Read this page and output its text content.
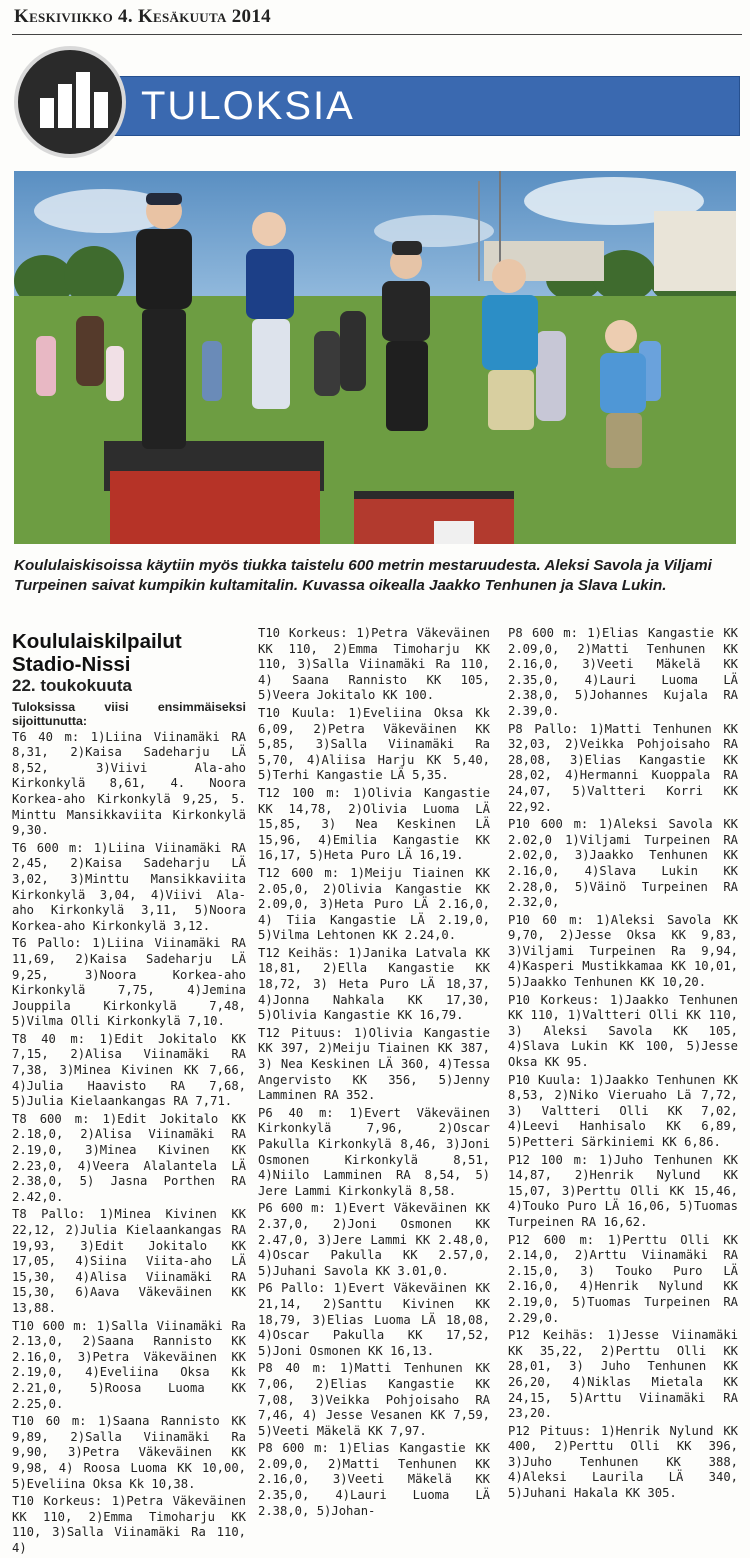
Keskiviikko 4. Kesäkuuta 2014
TULOKSIA
Koululaiskisoissa käytiin myös tiukka taistelu 600 metrin mestaruudesta. Aleksi Savola ja Viljami Turpeinen saivat kumpikin kultamitalin. Kuvassa oikealla Jaakko Tenhunen ja Slava Lukin.
Koululaiskilpailut
Stadio-Nissi
22. toukokuuta

Tuloksissa viisi ensimmäiseksi sijoittunutta:

T6 40 m: 1)Liina Viinamäki RA 8,31, 2)Kaisa Sadeharju LÄ 8,52, 3)Viivi Ala-aho Kirkonkylä 8,61, 4. Noora Korkea-aho Kirkonkylä 9,25, 5. Minttu Mansikkaviita Kirkonkylä 9,30.

T6 600 m: 1)Liina Viinamäki RA 2,45, 2)Kaisa Sadeharju LÄ 3,02, 3)Minttu Mansikkaviita Kirkonkylä 3,04, 4)Viivi Ala-aho Kirkonkylä 3,11, 5)Noora Korkea-aho Kirkonkylä 3,12.

T6 Pallo: 1)Liina Viinamäki RA 11,69, 2)Kaisa Sadeharju LÄ 9,25, 3)Noora Korkea-aho Kirkonkylä 7,75, 4)Jemina Jouppila Kirkonkylä 7,48, 5)Vilma Olli Kirkonkylä 7,10.

T8 40 m: 1)Edit Jokitalo KK 7,15, 2)Alisa Viinamäki RA 7,38, 3)Minea Kivinen KK 7,66, 4)Julia Haavisto RA 7,68, 5)Julia Kielaankangas RA 7,71.

T8 600 m: 1)Edit Jokitalo KK 2.18,0, 2)Alisa Viinamäki RA 2.19,0, 3)Minea Kivinen KK 2.23,0, 4)Veera Alalantela LÄ 2.38,0, 5) Jasna Porthen RA 2.42,0.

T8 Pallo: 1)Minea Kivinen KK 22,12, 2)Julia Kielaankangas RA 19,93, 3)Edit Jokitalo KK 17,05, 4)Siina Viita-aho LÄ 15,30, 4)Alisa Viinamäki RA 15,30, 6)Aava Väkeväinen KK 13,88.

T10 600 m: 1)Salla Viinamäki Ra 2.13,0, 2)Saana Rannisto KK 2.16,0, 3)Petra Väkeväinen KK 2.19,0, 4)Eveliina Oksa Kk 2.21,0, 5)Roosa Luoma KK 2.25,0.

T10 60 m: 1)Saana Rannisto KK 9,89, 2)Salla Viinamäki Ra 9,90, 3)Petra Väkeväinen KK 9,98, 4) Roosa Luoma KK 10,00, 5)Eveliina Oksa Kk 10,38.

T10 Korkeus: 1)Petra Väkeväinen KK 110, 2)Emma Timoharju KK 110, 3)Salla Viinamäki Ra 110, 4)

T10 Korkeus: 1)Petra Väkeväinen KK 110, 2)Emma Timoharju KK 110, 3)Salla Viinamäki Ra 110, 4) Saana Rannisto KK 105, 5)Veera Jokitalo KK 100.

T10 Kuula: 1)Eveliina Oksa Kk 6,09, 2)Petra Väkeväinen KK 5,85, 3)Salla Viinamäki Ra 5,70, 4)Aliisa Harju KK 5,40, 5)Terhi Kangastie LÄ 5,35.

T12 100 m: 1)Olivia Kangastie KK 14,78, 2)Olivia Luoma LÄ 15,85, 3) Nea Keskinen LÄ 15,96, 4)Emilia Kangastie KK 16,17, 5)Heta Puro LÄ 16,19.

T12 600 m: 1)Meiju Tiainen KK 2.05,0, 2)Olivia Kangastie KK 2.09,0, 3)Heta Puro LÄ 2.16,0, 4) Tiia Kangastie LÄ 2.19,0, 5)Vilma Lehtonen KK 2.24,0.

T12 Keihäs: 1)Janika Latvala KK 18,81, 2)Ella Kangastie KK 18,72, 3) Heta Puro LÄ 18,37, 4)Jonna Nahkala KK 17,30, 5)Olivia Kangastie KK 16,79.

T12 Pituus: 1)Olivia Kangastie KK 397, 2)Meiju Tiainen KK 387, 3) Nea Keskinen LÄ 360, 4)Tessa Angervisto KK 356, 5)Jenny Lamminen RA 352.

P6 40 m: 1)Evert Väkeväinen Kirkonkylä 7,96, 2)Oscar Pakulla Kirkonkylä 8,46, 3)Joni Osmonen Kirkonkylä 8,51, 4)Niilo Lamminen RA 8,54, 5) Jere Lammi Kirkonkylä 8,58.

P6 600 m: 1)Evert Väkeväinen KK 2.37,0, 2)Joni Osmonen KK 2.47,0, 3)Jere Lammi KK 2.48,0, 4)Oscar Pakulla KK 2.57,0, 5)Juhani Savola KK 3.01,0.

P6 Pallo: 1)Evert Väkeväinen KK 21,14, 2)Santtu Kivinen KK 18,79, 3)Elias Luoma LÄ 18,08, 4)Oscar Pakulla KK 17,52, 5)Joni Osmonen KK 16,13.

P8 40 m: 1)Matti Tenhunen KK 7,06, 2)Elias Kangastie KK 7,08, 3)Veikka Pohjoisaho RA 7,46, 4) Jesse Vesanen KK 7,59, 5)Veeti Mäkelä KK 7,97.

P8 600 m: 1)Elias Kangastie KK 2.09,0, 2)Matti Tenhunen KK 2.16,0, 3)Veeti Mäkelä KK 2.35,0, 4)Lauri Luoma LÄ 2.38,0, 5)Johan-

P8 600 m: 1)Elias Kangastie KK 2.09,0, 2)Matti Tenhunen KK 2.16,0, 3)Veeti Mäkelä KK 2.35,0, 4)Lauri Luoma LÄ 2.38,0, 5)Johannes Kujala RA 2.39,0.

P8 Pallo: 1)Matti Tenhunen KK 32,03, 2)Veikka Pohjoisaho RA 28,08, 3)Elias Kangastie KK 28,02, 4)Hermanni Kuoppala RA 24,07, 5)Valtteri Korri KK 22,92.

P10 600 m: 1)Aleksi Savola KK 2.02,0 1)Viljami Turpeinen RA 2.02,0, 3)Jaakko Tenhunen KK 2.16,0, 4)Slava Lukin KK 2.28,0, 5)Väinö Turpeinen RA 2.32,0,

P10 60 m: 1)Aleksi Savola KK 9,70, 2)Jesse Oksa KK 9,83, 3)Viljami Turpeinen Ra 9,94, 4)Kasperi Mustikkamaa KK 10,01, 5)Jaakko Tenhunen KK 10,20.

P10 Korkeus: 1)Jaakko Tenhunen KK 110, 1)Valtteri Olli KK 110, 3) Aleksi Savola KK 105, 4)Slava Lukin KK 100, 5)Jesse Oksa KK 95.

P10 Kuula: 1)Jaakko Tenhunen KK 8,53, 2)Niko Vieruaho Lä 7,72, 3) Valtteri Olli KK 7,02, 4)Leevi Hanhisalo KK 6,89, 5)Petteri Särkiniemi KK 6,86.

P12 100 m: 1)Juho Tenhunen KK 14,87, 2)Henrik Nylund KK 15,07, 3)Perttu Olli KK 15,46, 4)Touko Puro LÄ 16,06, 5)Tuomas Turpeinen RA 16,62.

P12 600 m: 1)Perttu Olli KK 2.14,0, 2)Arttu Viinamäki RA 2.15,0, 3) Touko Puro LÄ 2.16,0, 4)Henrik Nylund KK 2.19,0, 5)Tuomas Turpeinen RA 2.29,0.

P12 Keihäs: 1)Jesse Viinamäki KK 35,22, 2)Perttu Olli KK 28,01, 3) Juho Tenhunen KK 26,20, 4)Niklas Mietala KK 24,15, 5)Arttu Viinamäki RA 23,20.

P12 Pituus: 1)Henrik Nylund KK 400, 2)Perttu Olli KK 396, 3)Juho Tenhunen KK 388, 4)Aleksi Laurila LÄ 340, 5)Juhani Hakala KK 305.
